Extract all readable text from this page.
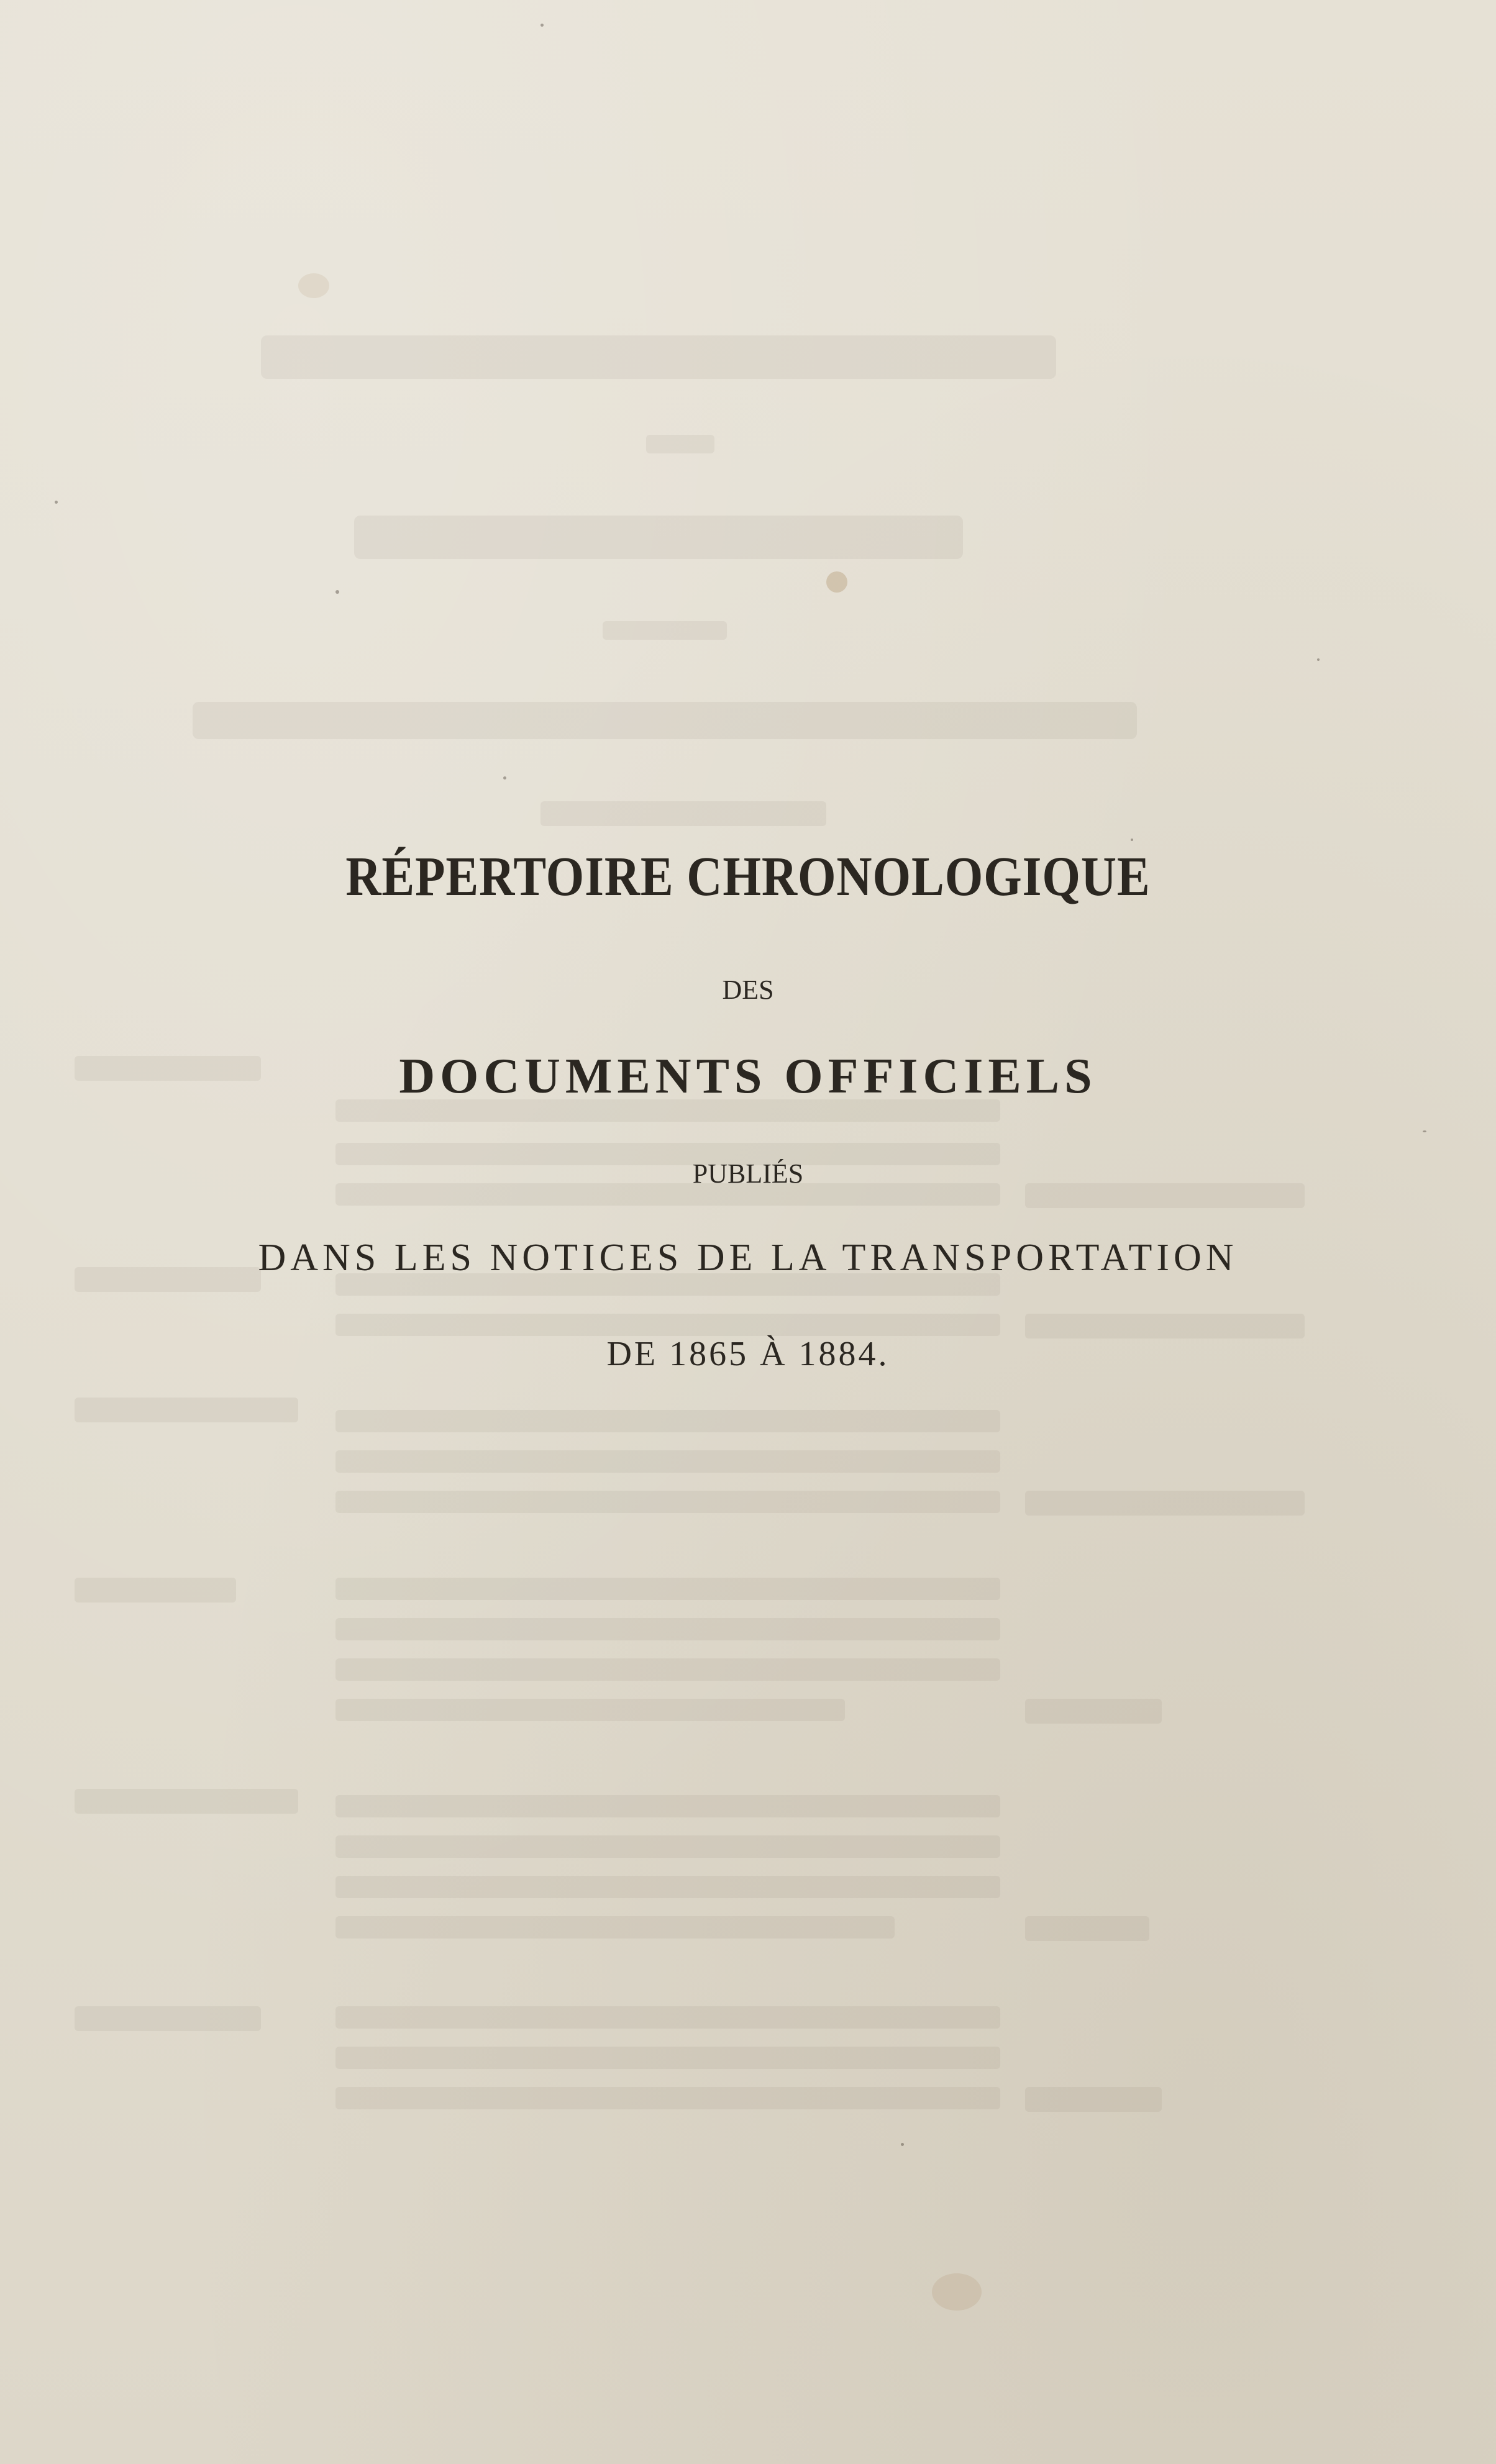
RÉPERTOIRE CHRONOLOGIQUE
DES
DOCUMENTS OFFICIELS
PUBLIÉS
DANS LES NOTICES DE LA TRANSPORTATION
DE 1865 À 1884.
